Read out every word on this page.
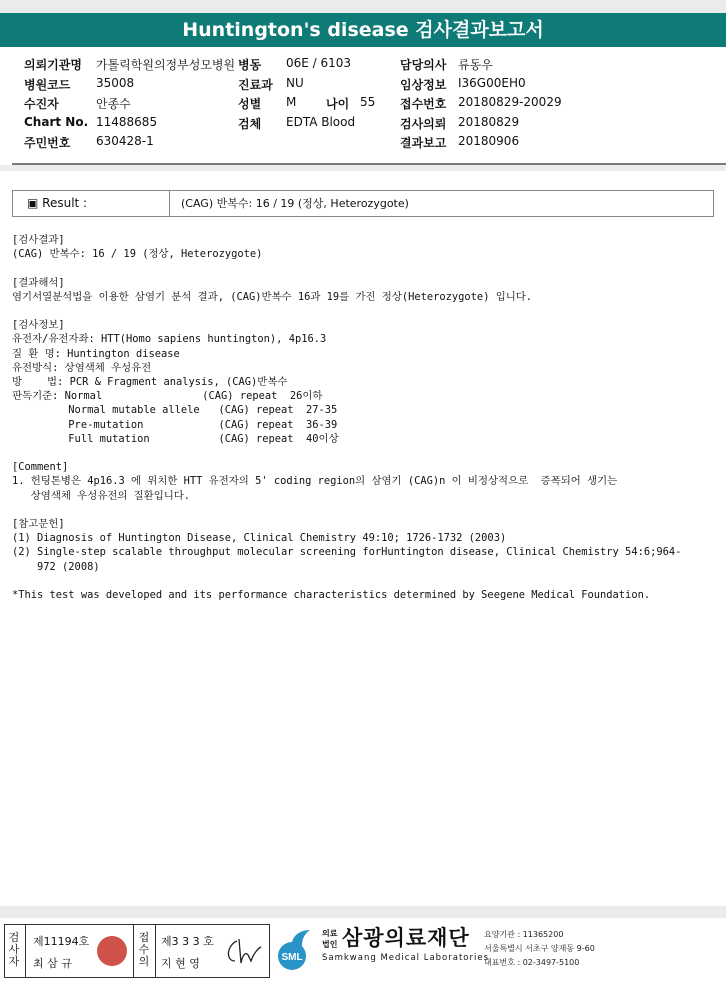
Huntington's disease 검사결과보고서
의뢰기관명 가톨릭학원의정부성모병원 병동 06E / 6103	담당의사 류동우
병원코드 35008	진료과 NU	임상정보 I36G00EH0
수진자	안종수	성별 M 나이 55 접수번호 20180829-20029
Chart No. 11488685	검체 EDTA Blood	검사의뢰 20180829
주민번호 630428-1	결과보고 20180906
▣ Result :	(CAG) 반복수: 16 / 19 (정상, Heterozygote)
[검사결과]
(CAG) 반복수: 16 / 19 (정상, Heterozygote)

[결과해석]
염기서열분석법을 이용한 삼염기 분석 결과, (CAG)반복수 16과 19를 가진 정상(Heterozygote) 입니다.

[검사정보]
유전자/유전자좌: HTT(Homo sapiens huntington), 4p16.3
질 환 명: Huntington disease
유전방식: 상염색체 우성유전
방    법: PCR & Fragment analysis, (CAG)반복수
판독기준: Normal                (CAG) repeat  26이하
Normal mutable allele   (CAG) repeat  27-35
Pre-mutation            (CAG) repeat  36-39
Full mutation           (CAG) repeat  40이상

[Comment]
1. 헌팅톤병은 4p16.3 에 위치한 HTT 유전자의 5' coding region의 삼염기 (CAG)n 이 비정상적으로  증폭되어 생기는
상염색체 우성유전의 질환입니다.

[참고문헌]
(1) Diagnosis of Huntington Disease, Clinical Chemistry 49:10; 1726-1732 (2003)
(2) Single-step scalable throughput molecular screening forHuntington disease, Clinical Chemistry 54:6;964-
972 (2008)

*This test was developed and its performance characteristics determined by Seegene Medical Foundation.
검사자
제11194호
최 삼 규
접수의
제3 3 3 호
지 현 영	SML
의료법인 삼광의료재단
Samkwang Medical Laboratories
요양기관 : 11365200
서울특별시 서초구 양재동 9-60
대표번호 : 02-3497-5100
